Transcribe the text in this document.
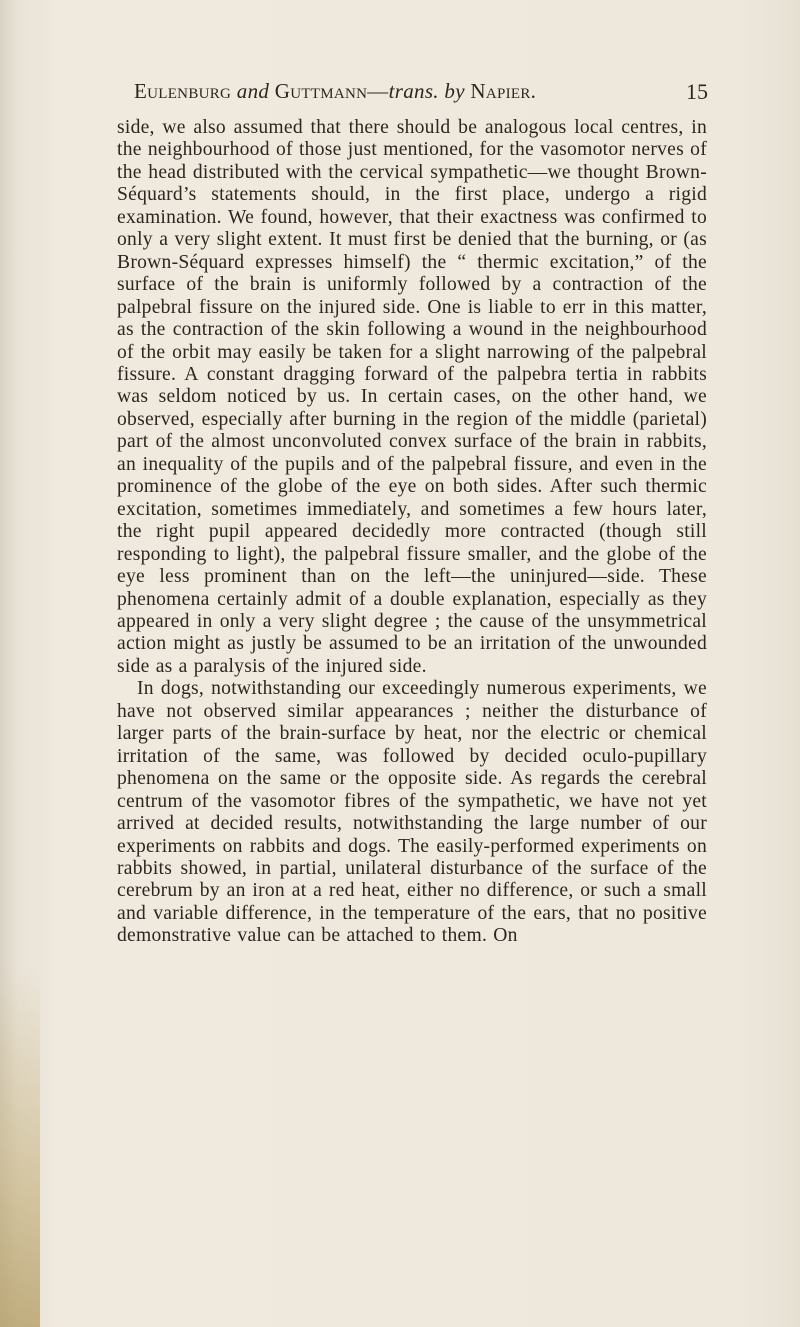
Eulenburg and Guttmann—trans. by Napier.	15

side, we also assumed that there should be analogous local centres, in the neighbourhood of those just mentioned, for the vasomotor nerves of the head distributed with the cervical sympathetic—we thought Brown-Séquard’s statements should, in the first place, undergo a rigid examination. We found, however, that their exactness was confirmed to only a very slight extent. It must first be denied that the burning, or (as Brown-Séquard expresses himself) the “ thermic excitation,” of the surface of the brain is uniformly followed by a contraction of the palpebral fissure on the injured side. One is liable to err in this matter, as the contraction of the skin following a wound in the neighbourhood of the orbit may easily be taken for a slight narrowing of the palpebral fissure. A constant dragging forward of the palpebra tertia in rabbits was seldom noticed by us. In certain cases, on the other hand, we observed, especially after burning in the region of the middle (parietal) part of the almost unconvoluted convex surface of the brain in rabbits, an inequality of the pupils and of the palpebral fissure, and even in the prominence of the globe of the eye on both sides. After such thermic excitation, sometimes immediately, and sometimes a few hours later, the right pupil appeared decidedly more contracted (though still responding to light), the palpebral fissure smaller, and the globe of the eye less prominent than on the left—the uninjured—side. These phenomena certainly admit of a double explanation, especially as they appeared in only a very slight degree ; the cause of the unsymmetrical action might as justly be assumed to be an irritation of the unwounded side as a paralysis of the injured side.

In dogs, notwithstanding our exceedingly numerous experiments, we have not observed similar appearances ; neither the disturbance of larger parts of the brain-surface by heat, nor the electric or chemical irritation of the same, was followed by decided oculo-pupillary phenomena on the same or the opposite side. As regards the cerebral centrum of the vasomotor fibres of the sympathetic, we have not yet arrived at decided results, notwithstanding the large number of our experiments on rabbits and dogs. The easily-performed experiments on rabbits showed, in partial, unilateral disturbance of the surface of the cerebrum by an iron at a red heat, either no difference, or such a small and variable difference, in the temperature of the ears, that no positive demonstrative value can be attached to them. On
